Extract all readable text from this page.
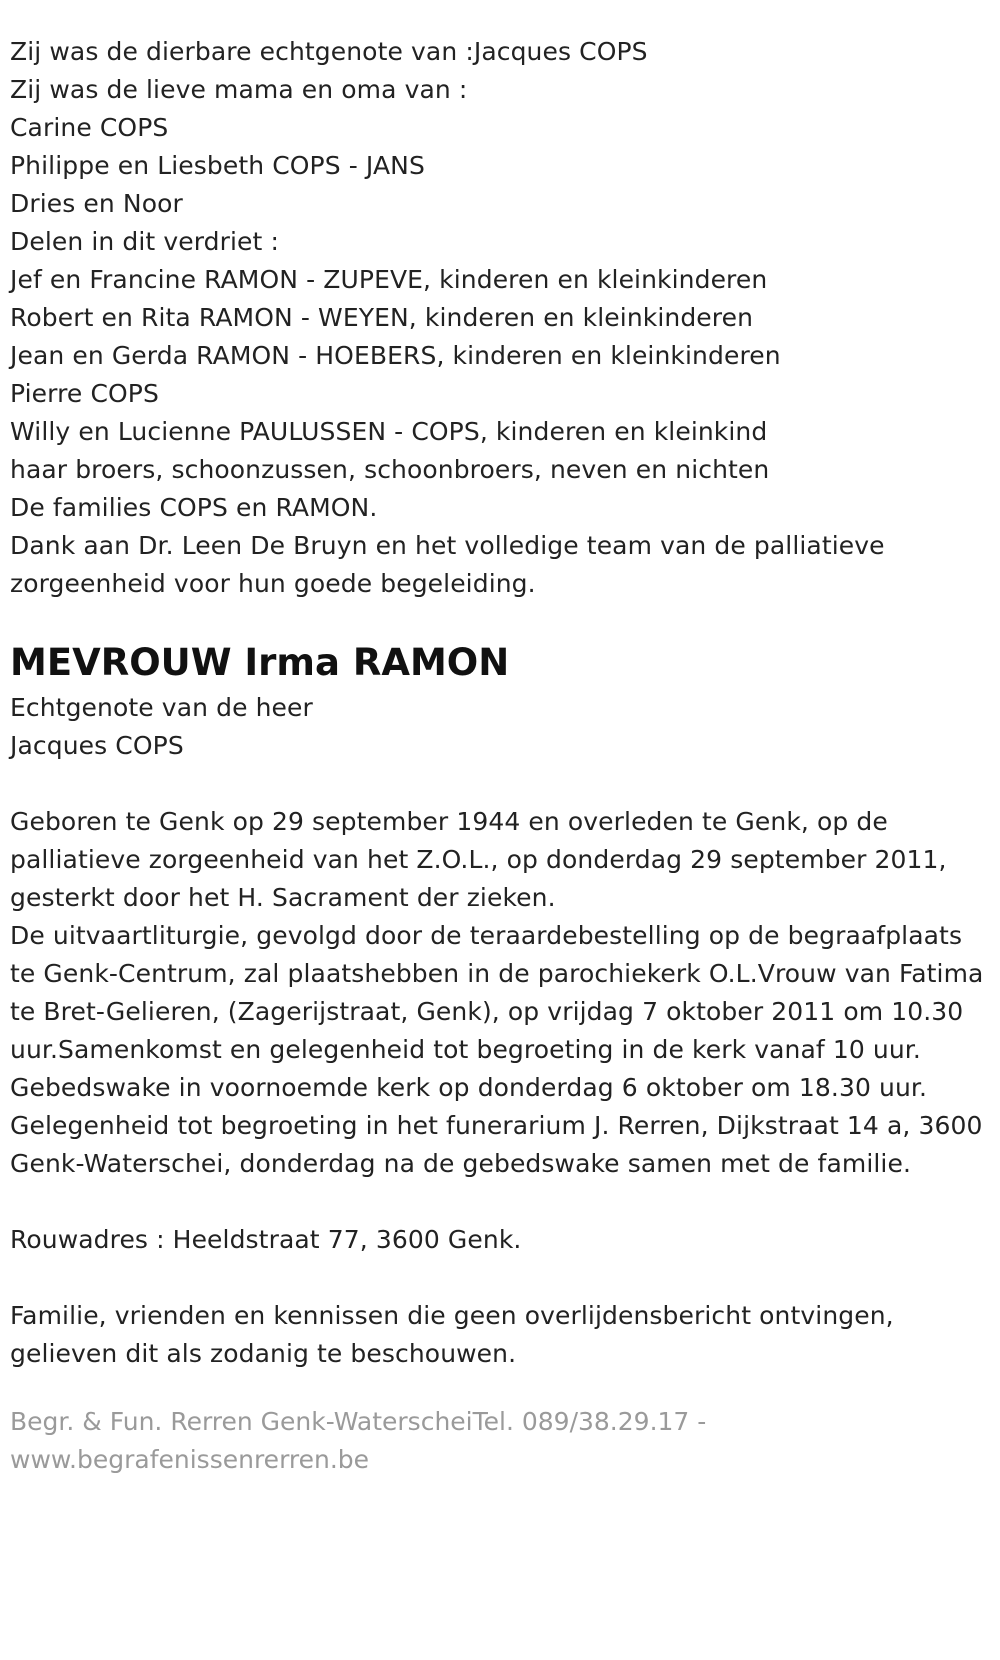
Zij was de dierbare echtgenote van :Jacques COPS
Zij was de lieve mama en oma van :
Carine COPS
Philippe en Liesbeth COPS - JANS
Dries en Noor
Delen in dit verdriet :
Jef en Francine RAMON - ZUPEVE, kinderen en kleinkinderen
Robert en Rita RAMON - WEYEN, kinderen en kleinkinderen
Jean en Gerda RAMON - HOEBERS, kinderen en kleinkinderen
Pierre COPS
Willy en Lucienne PAULUSSEN - COPS, kinderen en kleinkind
haar broers, schoonzussen, schoonbroers, neven en nichten
De families COPS en RAMON.
Dank aan Dr. Leen De Bruyn en het volledige team van de palliatieve zorgeenheid voor hun goede begeleiding.
MEVROUW Irma RAMON
Echtgenote van de heer
Jacques COPS
Geboren te Genk op 29 september 1944 en overleden te Genk, op de palliatieve zorgeenheid van het Z.O.L., op donderdag 29 september 2011, gesterkt door het H. Sacrament der zieken.
De uitvaartliturgie, gevolgd door de teraardebestelling op de begraafplaats te Genk-Centrum, zal plaatshebben in de parochiekerk O.L.Vrouw van Fatima te Bret-Gelieren, (Zagerijstraat, Genk), op vrijdag 7 oktober 2011 om 10.30 uur.Samenkomst en gelegenheid tot begroeting in de kerk vanaf 10 uur.
Gebedswake in voornoemde kerk op donderdag 6 oktober om 18.30 uur.
Gelegenheid tot begroeting in het funerarium J. Rerren, Dijkstraat 14 a, 3600 Genk-Waterschei, donderdag na de gebedswake samen met de familie.
Rouwadres : Heeldstraat 77, 3600 Genk.
Familie, vrienden en kennissen die geen overlijdensbericht ontvingen, gelieven dit als zodanig te beschouwen.
Begr. & Fun. Rerren Genk-WaterscheiTel. 089/38.29.17 - www.begrafenissenrerren.be
